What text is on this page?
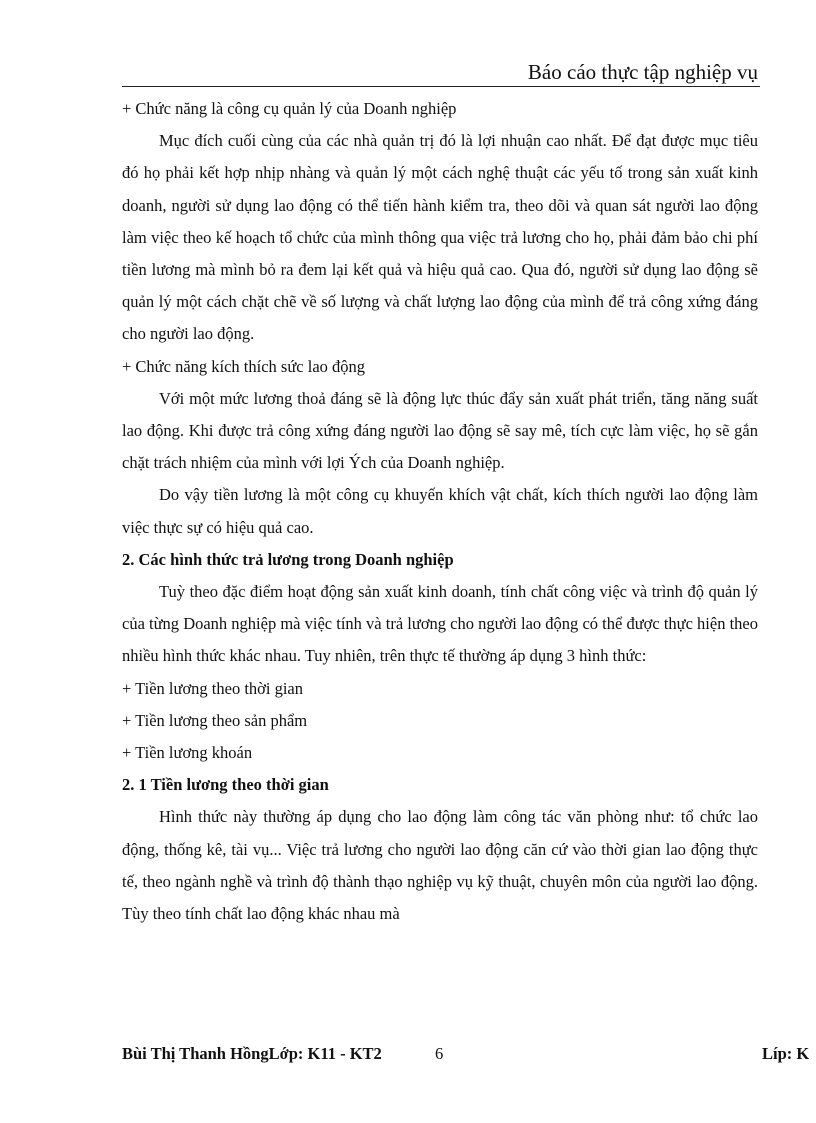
Báo cáo thực tập nghiệp vụ

+ Chức năng là công cụ quản lý của Doanh nghiệp

Mục đích cuối cùng của các nhà quản trị đó là lợi nhuận cao nhất. Để đạt được mục tiêu đó họ phải kết hợp nhịp nhàng và quản lý một cách nghệ thuật các yếu tố trong sản xuất kinh doanh, người sử dụng lao động có thể tiến hành kiểm tra, theo dõi và quan sát người lao động làm việc theo kế hoạch tổ chức của mình thông qua việc trả lương cho họ, phải đảm bảo chi phí tiền lương mà mình bỏ ra đem lại kết quả và hiệu quả cao. Qua đó, người sử dụng lao động sẽ quản lý một cách chặt chẽ về số lượng và chất lượng lao động của mình để trả công xứng đáng cho người lao động.

+ Chức năng kích thích sức lao động

Với một mức lương thoả đáng sẽ là động lực thúc đẩy sản xuất phát triển, tăng năng suất lao động. Khi được trả công xứng đáng người lao động sẽ say mê, tích cực làm việc, họ sẽ gắn chặt trách nhiệm của mình với lợi Ých của Doanh nghiệp.

Do vậy tiền lương là một công cụ khuyến khích vật chất, kích thích người lao động làm việc thực sự có hiệu quả cao.

2. Các hình thức trả lương trong Doanh nghiệp

Tuỳ theo đặc điểm hoạt động sản xuất kinh doanh, tính chất công việc và trình độ quản lý của từng Doanh nghiệp mà việc tính và trả lương cho người lao động có thể được thực hiện theo nhiều hình thức khác nhau. Tuy nhiên, trên thực tế thường áp dụng 3 hình thức:

+ Tiền lương theo thời gian

+ Tiền lương theo sản phẩm

+ Tiền lương khoán

2. 1 Tiền lương theo thời gian

Hình thức này thường áp dụng cho lao động làm công tác văn phòng như: tổ chức lao động, thống kê, tài vụ... Việc trả lương cho người lao động căn cứ vào thời gian lao động thực tế, theo ngành nghề và trình độ thành thạo nghiệp vụ kỹ thuật, chuyên môn của người lao động. Tùy theo tính chất lao động khác nhau mà

Bùi Thị Thanh HồngLớp: K11 - KT2	6	Líp: K
